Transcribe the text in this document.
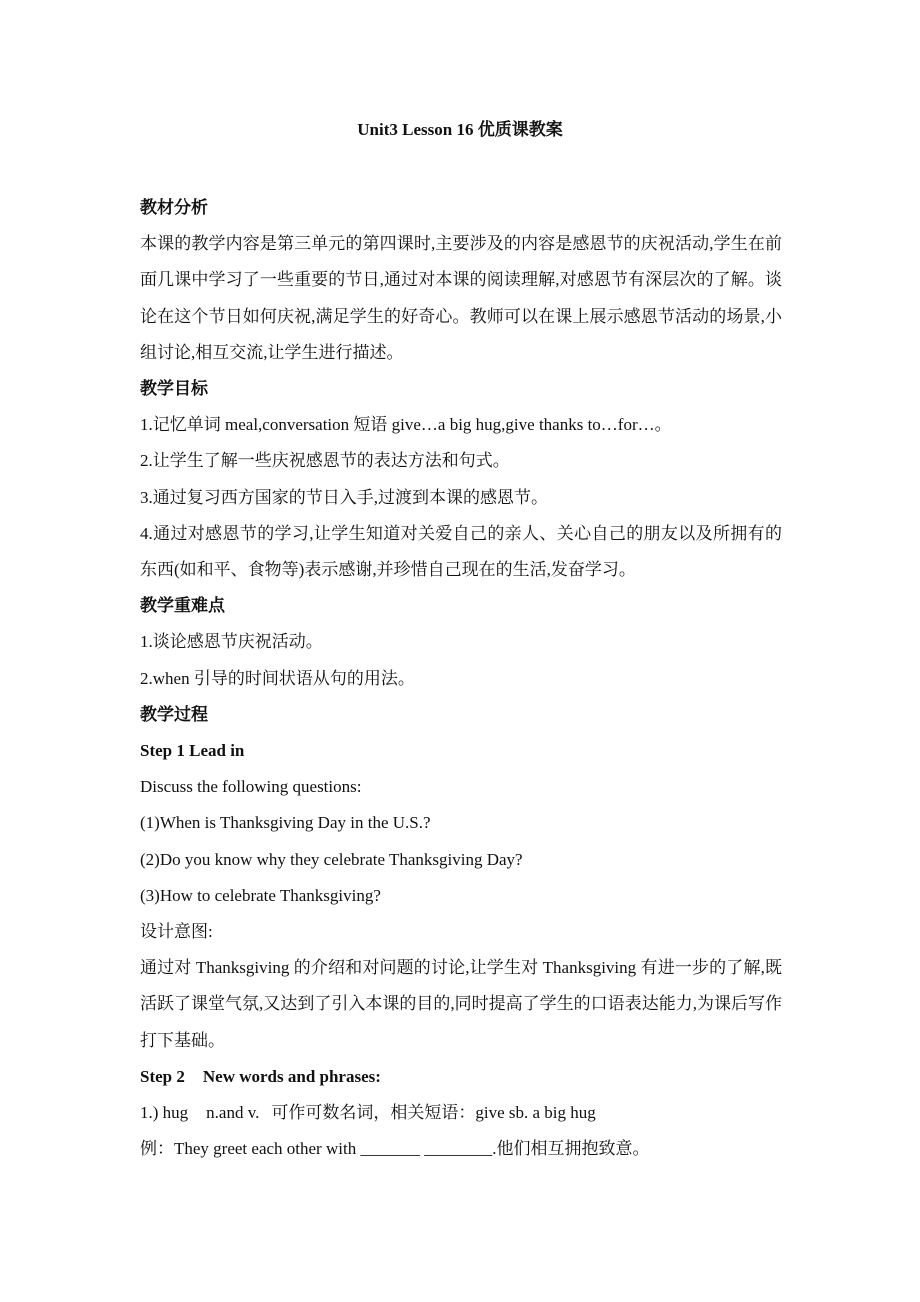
Unit3 Lesson 16 优质课教案
教材分析

本课的教学内容是第三单元的第四课时,主要涉及的内容是感恩节的庆祝活动,学生在前面几课中学习了一些重要的节日,通过对本课的阅读理解,对感恩节有深层次的了解。谈论在这个节日如何庆祝,满足学生的好奇心。教师可以在课上展示感恩节活动的场景,小组讨论,相互交流,让学生进行描述。

教学目标
1.记忆单词 meal,conversation 短语 give…a big hug,give thanks to…for…。
2.让学生了解一些庆祝感恩节的表达方法和句式。
3.通过复习西方国家的节日入手,过渡到本课的感恩节。

4.通过对感恩节的学习,让学生知道对关爱自己的亲人、关心自己的朋友以及所拥有的东西(如和平、食物等)表示感谢,并珍惜自己现在的生活,发奋学习。

教学重难点
1.谈论感恩节庆祝活动。
2.when 引导的时间状语从句的用法。
教学过程
Step 1 Lead in
Discuss the following questions:
(1)When is Thanksgiving Day in the U.S.?
(2)Do you know why they celebrate Thanksgiving Day?
(3)How to celebrate Thanksgiving?
设计意图:

通过对 Thanksgiving 的介绍和对问题的讨论,让学生对 Thanksgiving 有进一步的了解,既活跃了课堂气氛,又达到了引入本课的目的,同时提高了学生的口语表达能力,为课后写作打下基础。

Step 2 New words and phrases:
1.) hug n.and v. 可作可数名词，相关短语：give sb. a big hug
例：They greet each other with _______ ________.他们相互拥抱致意。
